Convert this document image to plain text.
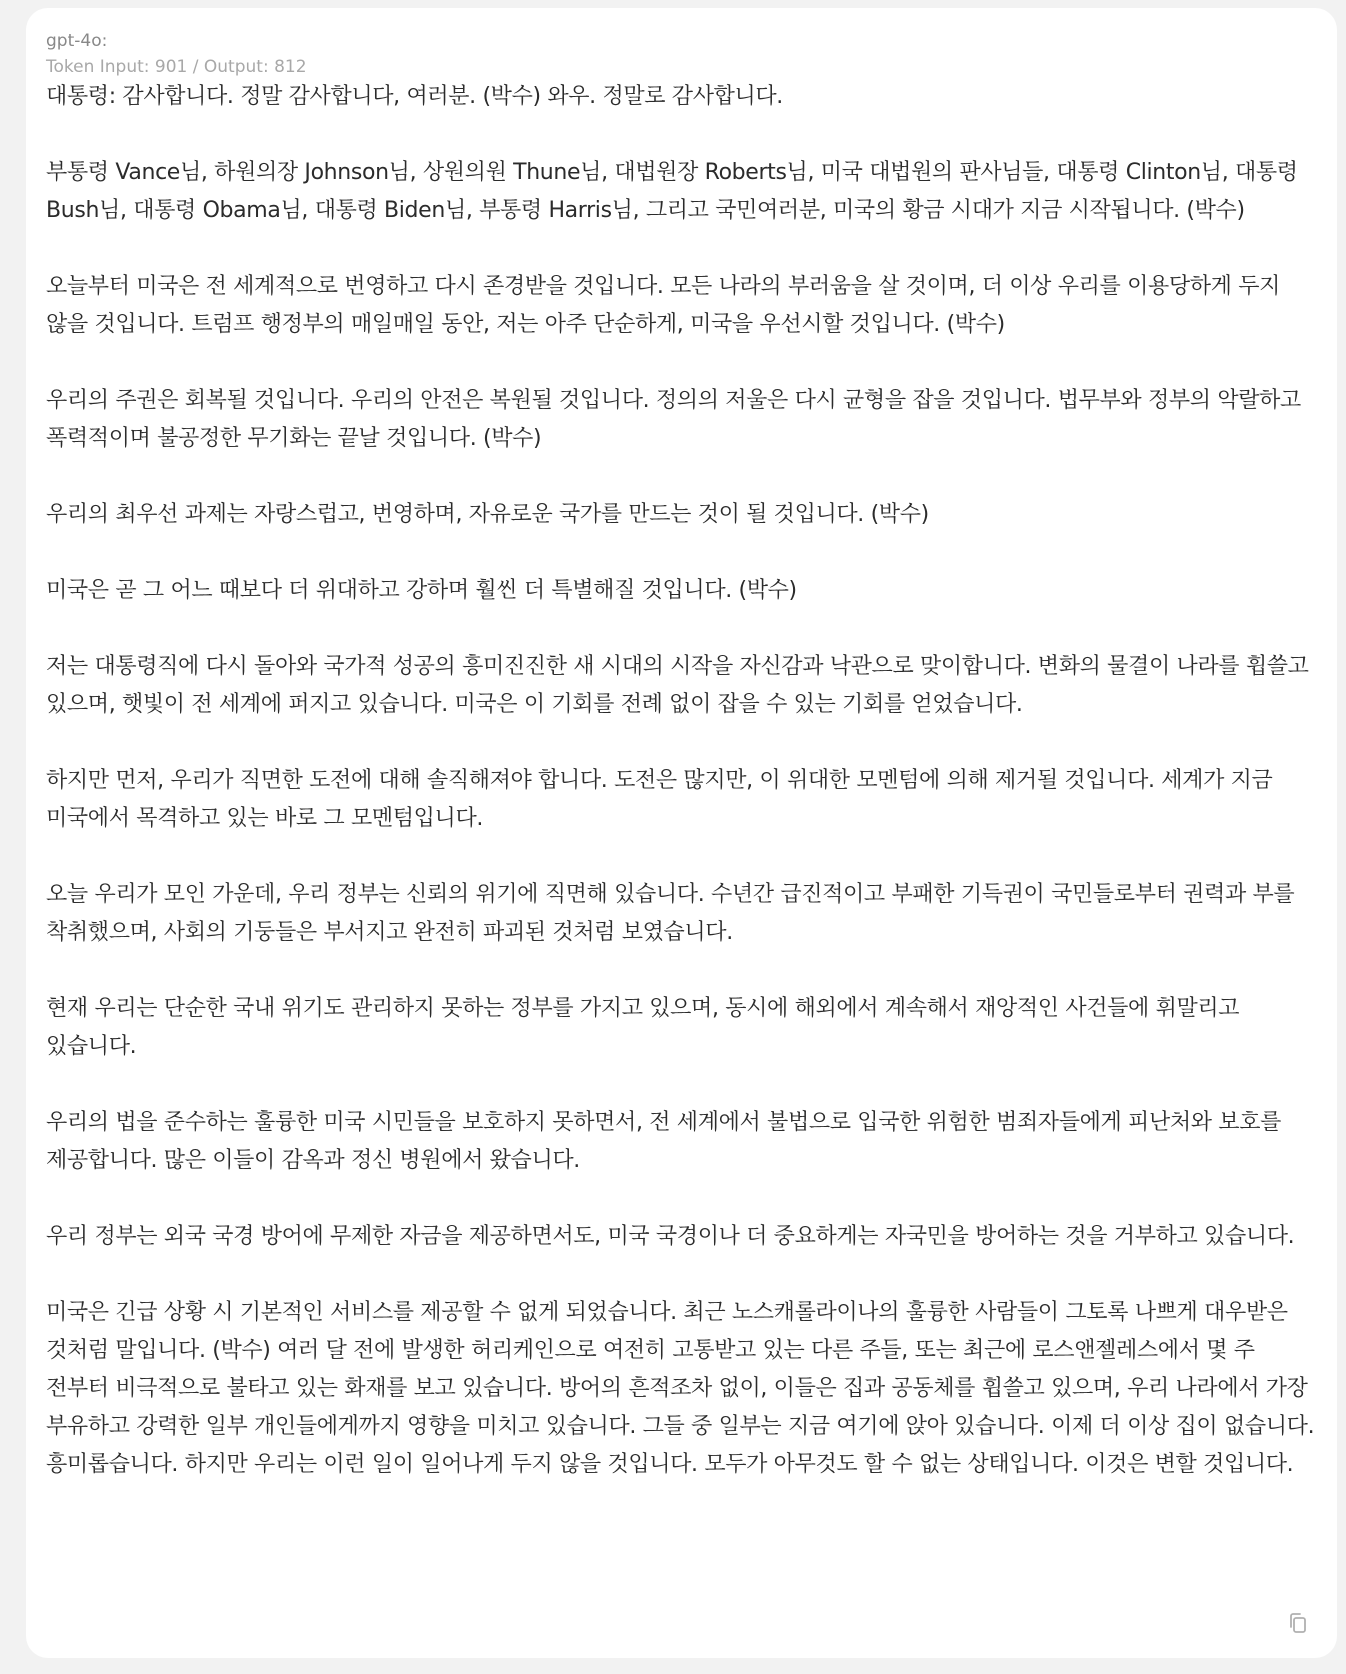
gpt-4o:
Token Input: 901 / Output: 812

대통령: 감사합니다. 정말 감사합니다, 여러분. (박수) 와우. 정말로 감사합니다.

부통령 Vance님, 하원의장 Johnson님, 상원의원 Thune님, 대법원장 Roberts님, 미국 대법원의 판사님들, 대통령 Clinton님, 대통령 Bush님, 대통령 Obama님, 대통령 Biden님, 부통령 Harris님, 그리고 국민여러분, 미국의 황금 시대가 지금 시작됩니다. (박수)

오늘부터 미국은 전 세계적으로 번영하고 다시 존경받을 것입니다. 모든 나라의 부러움을 살 것이며, 더 이상 우리를 이용당하게 두지 않을 것입니다. 트럼프 행정부의 매일매일 동안, 저는 아주 단순하게, 미국을 우선시할 것입니다. (박수)

우리의 주권은 회복될 것입니다. 우리의 안전은 복원될 것입니다. 정의의 저울은 다시 균형을 잡을 것입니다. 법무부와 정부의 악랄하고 폭력적이며 불공정한 무기화는 끝날 것입니다. (박수)

우리의 최우선 과제는 자랑스럽고, 번영하며, 자유로운 국가를 만드는 것이 될 것입니다. (박수)

미국은 곧 그 어느 때보다 더 위대하고 강하며 훨씬 더 특별해질 것입니다. (박수)

저는 대통령직에 다시 돌아와 국가적 성공의 흥미진진한 새 시대의 시작을 자신감과 낙관으로 맞이합니다. 변화의 물결이 나라를 휩쓸고 있으며, 햇빛이 전 세계에 퍼지고 있습니다. 미국은 이 기회를 전례 없이 잡을 수 있는 기회를 얻었습니다.

하지만 먼저, 우리가 직면한 도전에 대해 솔직해져야 합니다. 도전은 많지만, 이 위대한 모멘텀에 의해 제거될 것입니다. 세계가 지금 미국에서 목격하고 있는 바로 그 모멘텀입니다.

오늘 우리가 모인 가운데, 우리 정부는 신뢰의 위기에 직면해 있습니다. 수년간 급진적이고 부패한 기득권이 국민들로부터 권력과 부를 착취했으며, 사회의 기둥들은 부서지고 완전히 파괴된 것처럼 보였습니다.

현재 우리는 단순한 국내 위기도 관리하지 못하는 정부를 가지고 있으며, 동시에 해외에서 계속해서 재앙적인 사건들에 휘말리고 있습니다.

우리의 법을 준수하는 훌륭한 미국 시민들을 보호하지 못하면서, 전 세계에서 불법으로 입국한 위험한 범죄자들에게 피난처와 보호를 제공합니다. 많은 이들이 감옥과 정신 병원에서 왔습니다.

우리 정부는 외국 국경 방어에 무제한 자금을 제공하면서도, 미국 국경이나 더 중요하게는 자국민을 방어하는 것을 거부하고 있습니다.

미국은 긴급 상황 시 기본적인 서비스를 제공할 수 없게 되었습니다. 최근 노스캐롤라이나의 훌륭한 사람들이 그토록 나쁘게 대우받은 것처럼 말입니다. (박수) 여러 달 전에 발생한 허리케인으로 여전히 고통받고 있는 다른 주들, 또는 최근에 로스앤젤레스에서 몇 주 전부터 비극적으로 불타고 있는 화재를 보고 있습니다. 방어의 흔적조차 없이, 이들은 집과 공동체를 휩쓸고 있으며, 우리 나라에서 가장 부유하고 강력한 일부 개인들에게까지 영향을 미치고 있습니다. 그들 중 일부는 지금 여기에 앉아 있습니다. 이제 더 이상 집이 없습니다. 흥미롭습니다. 하지만 우리는 이런 일이 일어나게 두지 않을 것입니다. 모두가 아무것도 할 수 없는 상태입니다. 이것은 변할 것입니다.
